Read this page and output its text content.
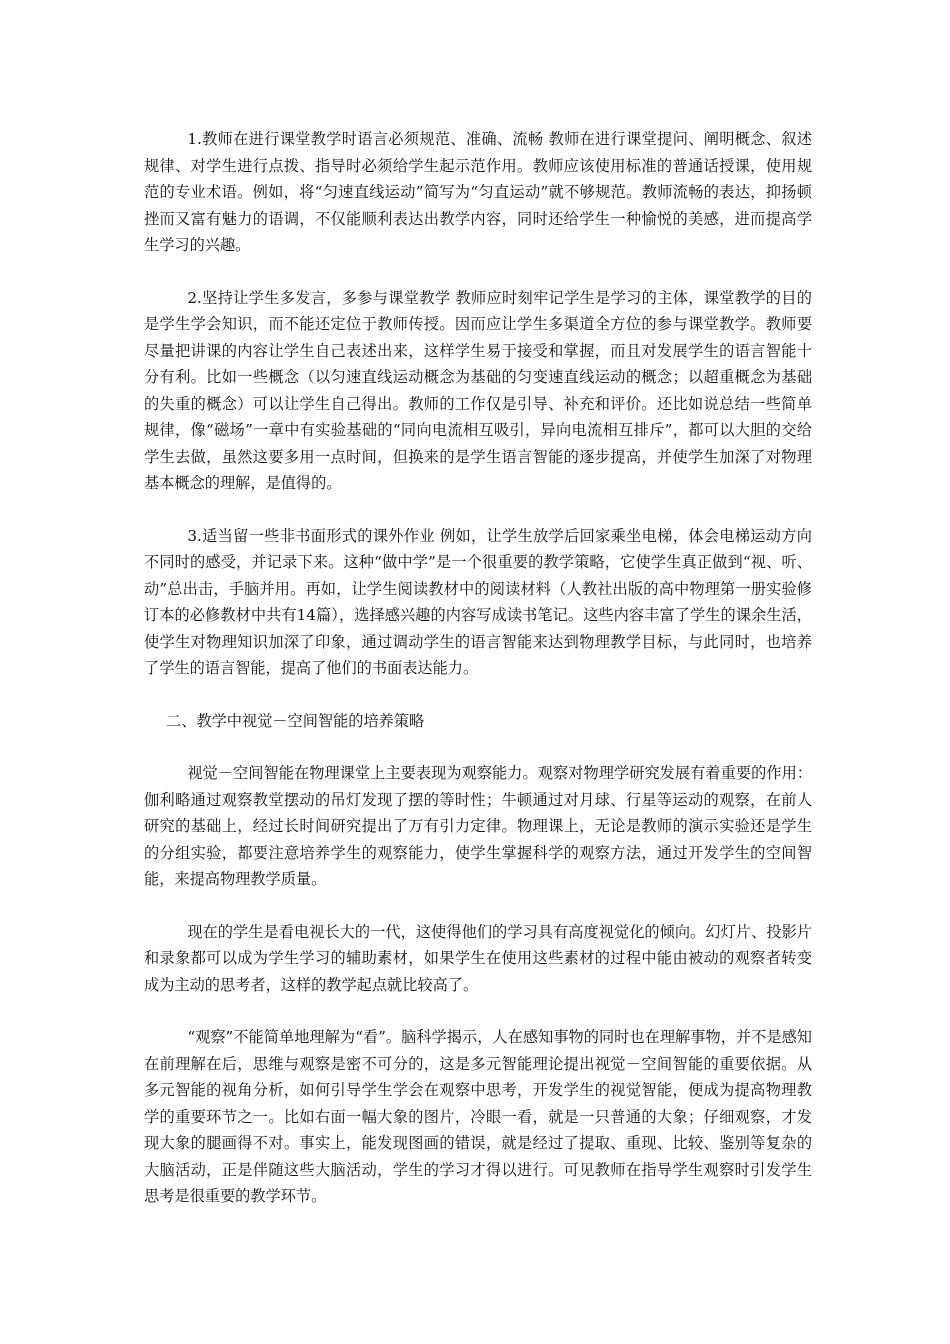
1.教师在进行课堂教学时语言必须规范、准确、流畅 教师在进行课堂提问、阐明概念、叙述规律、对学生进行点拨、指导时必须给学生起示范作用。教师应该使用标准的普通话授课，使用规范的专业术语。例如，将“匀速直线运动”简写为“匀直运动”就不够规范。教师流畅的表达，抑扬顿挫而又富有魅力的语调，不仅能顺利表达出教学内容，同时还给学生一种愉悦的美感，进而提高学生学习的兴趣。

2.坚持让学生多发言，多参与课堂教学 教师应时刻牢记学生是学习的主体，课堂教学的目的是学生学会知识，而不能还定位于教师传授。因而应让学生多渠道全方位的参与课堂教学。教师要尽量把讲课的内容让学生自己表述出来，这样学生易于接受和掌握，而且对发展学生的语言智能十分有利。比如一些概念（以匀速直线运动概念为基础的匀变速直线运动的概念；以超重概念为基础的失重的概念）可以让学生自己得出。教师的工作仅是引导、补充和评价。还比如说总结一些简单规律，像“磁场”一章中有实验基础的“同向电流相互吸引，异向电流相互排斥”，都可以大胆的交给学生去做，虽然这要多用一点时间，但换来的是学生语言智能的逐步提高，并使学生加深了对物理基本概念的理解，是值得的。

3.适当留一些非书面形式的课外作业 例如，让学生放学后回家乘坐电梯，体会电梯运动方向不同时的感受，并记录下来。这种“做中学”是一个很重要的教学策略，它使学生真正做到“视、听、动”总出击，手脑并用。再如，让学生阅读教材中的阅读材料（人教社出版的高中物理第一册实验修订本的必修教材中共有14篇），选择感兴趣的内容写成读书笔记。这些内容丰富了学生的课余生活，使学生对物理知识加深了印象，通过调动学生的语言智能来达到物理教学目标，与此同时，也培养了学生的语言智能，提高了他们的书面表达能力。

二、教学中视觉－空间智能的培养策略

视觉－空间智能在物理课堂上主要表现为观察能力。观察对物理学研究发展有着重要的作用：伽利略通过观察教堂摆动的吊灯发现了摆的等时性；牛顿通过对月球、行星等运动的观察，在前人研究的基础上，经过长时间研究提出了万有引力定律。物理课上，无论是教师的演示实验还是学生的分组实验，都要注意培养学生的观察能力，使学生掌握科学的观察方法，通过开发学生的空间智能，来提高物理教学质量。

现在的学生是看电视长大的一代，这使得他们的学习具有高度视觉化的倾向。幻灯片、投影片和录象都可以成为学生学习的辅助素材，如果学生在使用这些素材的过程中能由被动的观察者转变成为主动的思考者，这样的教学起点就比较高了。

“观察”不能简单地理解为“看”。脑科学揭示，人在感知事物的同时也在理解事物，并不是感知在前理解在后，思维与观察是密不可分的，这是多元智能理论提出视觉－空间智能的重要依据。从多元智能的视角分析，如何引导学生学会在观察中思考，开发学生的视觉智能，便成为提高物理教学的重要环节之一。比如右面一幅大象的图片，冷眼一看，就是一只普通的大象；仔细观察，才发现大象的腿画得不对。事实上，能发现图画的错误，就是经过了提取、重现、比较、鉴别等复杂的大脑活动，正是伴随这些大脑活动，学生的学习才得以进行。可见教师在指导学生观察时引发学生思考是很重要的教学环节。
